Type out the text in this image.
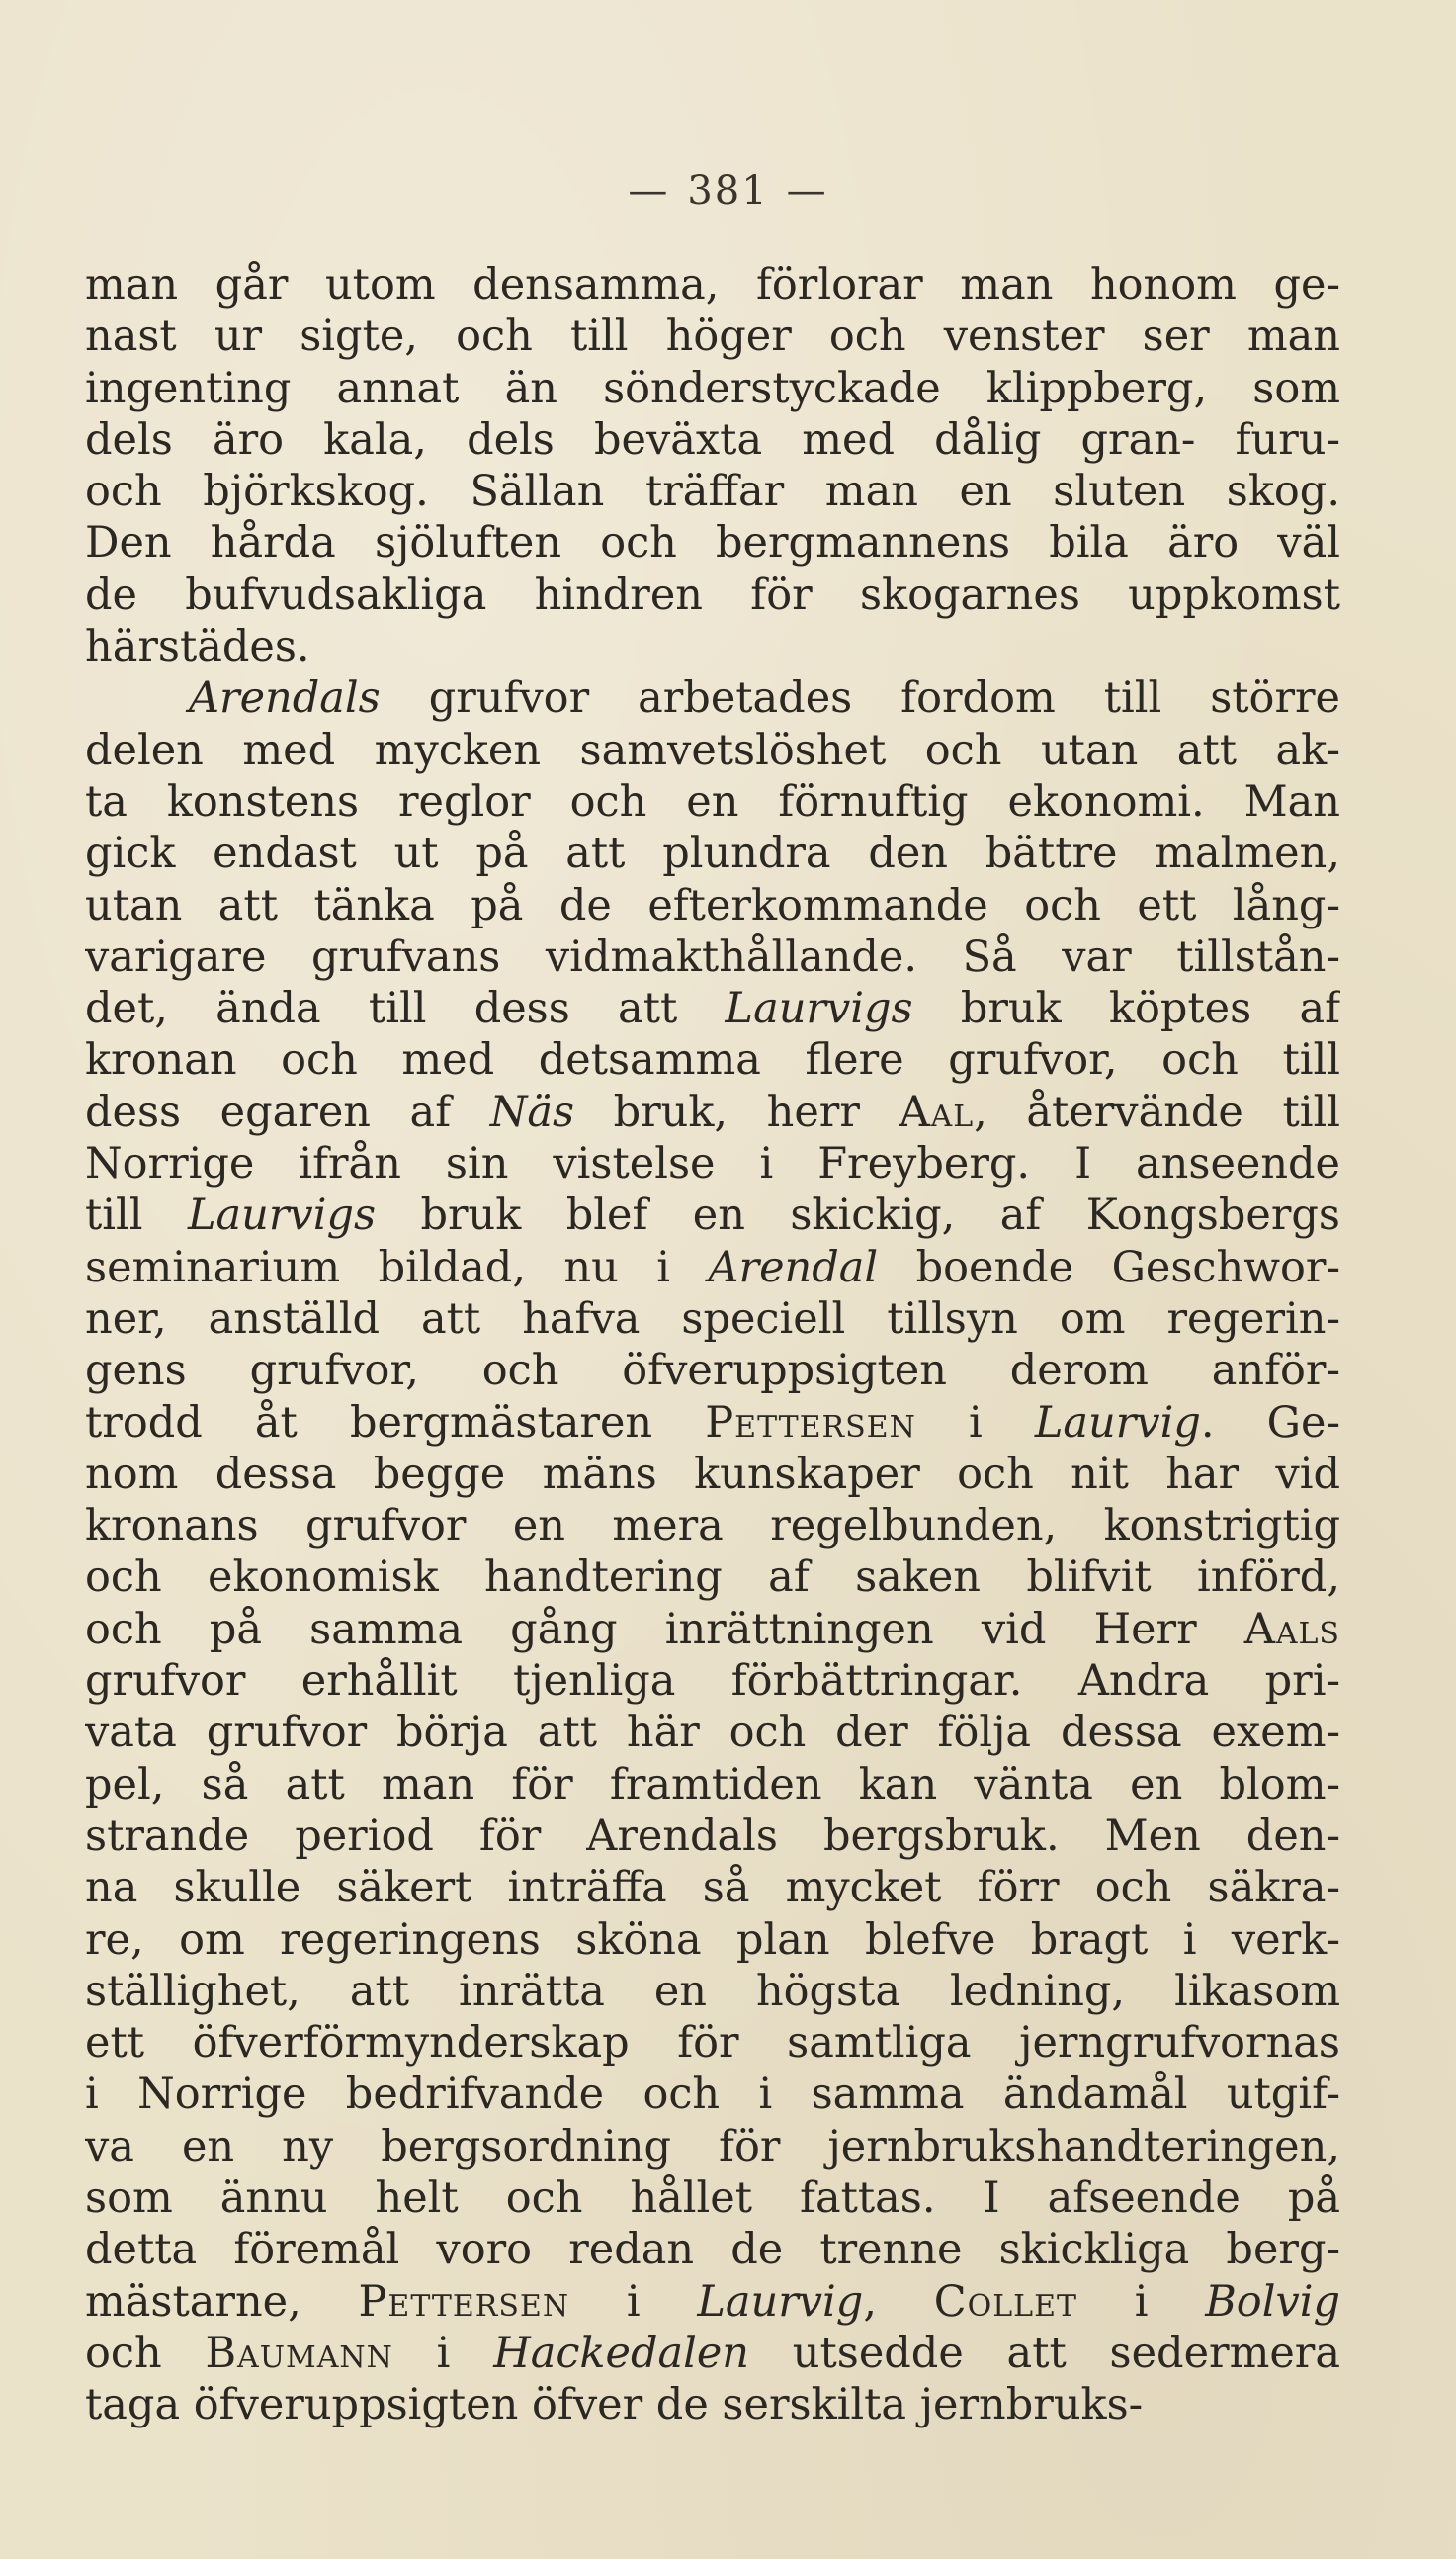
— 381 —
man går utom densamma, förlorar man honom ge-
nast ur sigte, och till höger och venster ser man
ingenting annat än sönderstyckade klippberg, som
dels äro kala, dels beväxta med dålig gran- furu-
och björkskog. Sällan träffar man en sluten skog.
Den hårda sjöluften och bergmannens bila äro väl
de bufvudsakliga hindren för skogarnes uppkomst
härstädes.
Arendals grufvor arbetades fordom till större
delen med mycken samvetslöshet och utan att ak-
ta konstens reglor och en förnuftig ekonomi. Man
gick endast ut på att plundra den bättre malmen,
utan att tänka på de efterkommande och ett lång-
varigare grufvans vidmakthållande. Så var tillstån-
det, ända till dess att Laurvigs bruk köptes af
kronan och med detsamma flere grufvor, och till
dess egaren af Näs bruk, herr Aal, återvände till
Norrige ifrån sin vistelse i Freyberg. I anseende
till Laurvigs bruk blef en skickig, af Kongsbergs
seminarium bildad, nu i Arendal boende Geschwor-
ner, anställd att hafva speciell tillsyn om regerin-
gens grufvor, och öfveruppsigten derom anför-
trodd åt bergmästaren Pettersen i Laurvig. Ge-
nom dessa begge mäns kunskaper och nit har vid
kronans grufvor en mera regelbunden, konstrigtig
och ekonomisk handtering af saken blifvit införd,
och på samma gång inrättningen vid Herr Aals
grufvor erhållit tjenliga förbättringar. Andra pri-
vata grufvor börja att här och der följa dessa exem-
pel, så att man för framtiden kan vänta en blom-
strande period för Arendals bergsbruk. Men den-
na skulle säkert inträffa så mycket förr och säkra-
re, om regeringens sköna plan blefve bragt i verk-
ställighet, att inrätta en högsta ledning, likasom
ett öfverförmynderskap för samtliga jerngrufvornas
i Norrige bedrifvande och i samma ändamål utgif-
va en ny bergsordning för jernbrukshandteringen,
som ännu helt och hållet fattas. I afseende på
detta föremål voro redan de trenne skickliga berg-
mästarne, Pettersen i Laurvig, Collet i Bolvig
och Baumann i Hackedalen utsedde att sedermera
taga öfveruppsigten öfver de serskilta jernbruks-
